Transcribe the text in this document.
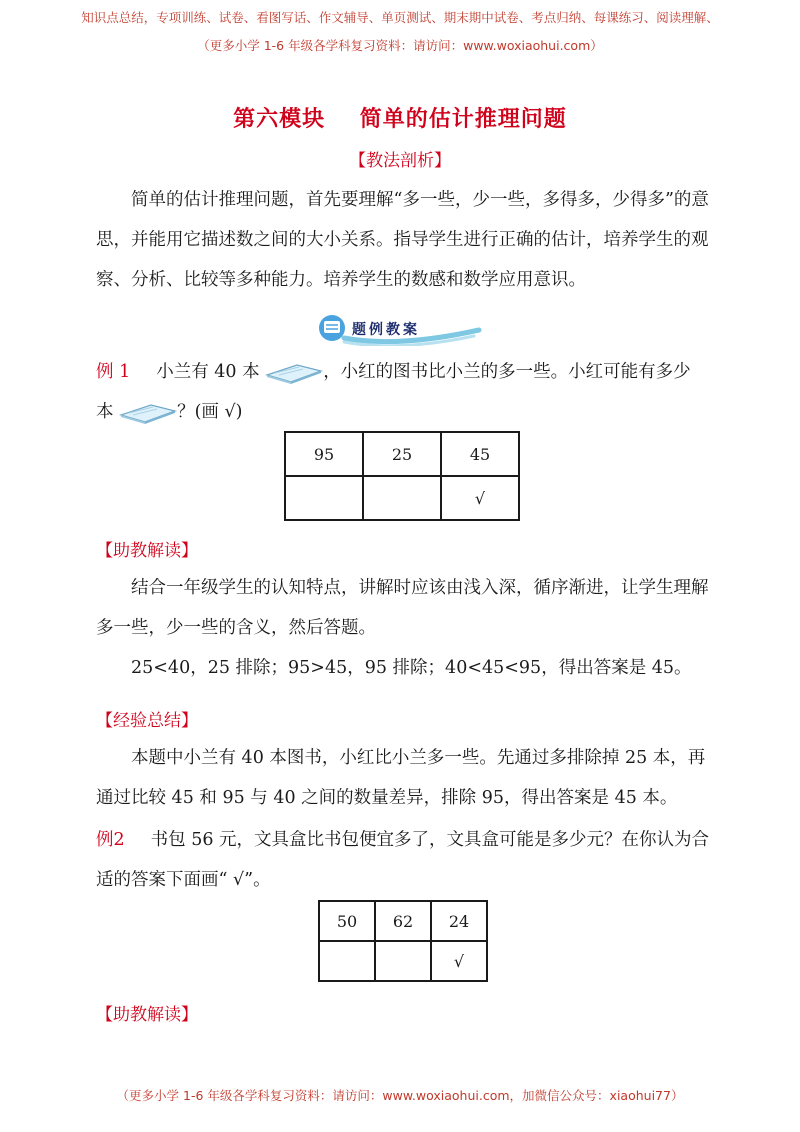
知识点总结，专项训练、试卷、看图写话、作文辅导、单页测试、期末期中试卷、考点归纳、每课练习、阅读理解、
（更多小学 1-6 年级各学科复习资料：请访问：www.woxiaohui.com）
第六模块    简单的估计推理问题
【教法剖析】
简单的估计推理问题，首先要理解“多一些，少一些，多得多，少得多”的意思，并能用它描述数之间的大小关系。指导学生进行正确的估计，培养学生的观察、分析、比较等多种能力。培养学生的数感和数学应用意识。
题例教案
例 1 小兰有 40 本	，小红的图书比小兰的多一些。小红可能有多少
本	？(画 √)
95	25	45
		√
【助教解读】
结合一年级学生的认知特点，讲解时应该由浅入深，循序渐进，让学生理解多一些，少一些的含义，然后答题。
25<40，25 排除；95>45，95 排除；40<45<95，得出答案是 45。
【经验总结】
本题中小兰有 40 本图书，小红比小兰多一些。先通过多排除掉 25 本，再通过比较 45 和 95 与 40 之间的数量差异，排除 95，得出答案是 45 本。
例2 书包 56 元，文具盒比书包便宜多了，文具盒可能是多少元？在你认为合
适的答案下面画“ √”。
50	62	24
		√
【助教解读】
（更多小学 1-6 年级各学科复习资料：请访问：www.woxiaohui.com，加微信公众号：xiaohui77）
